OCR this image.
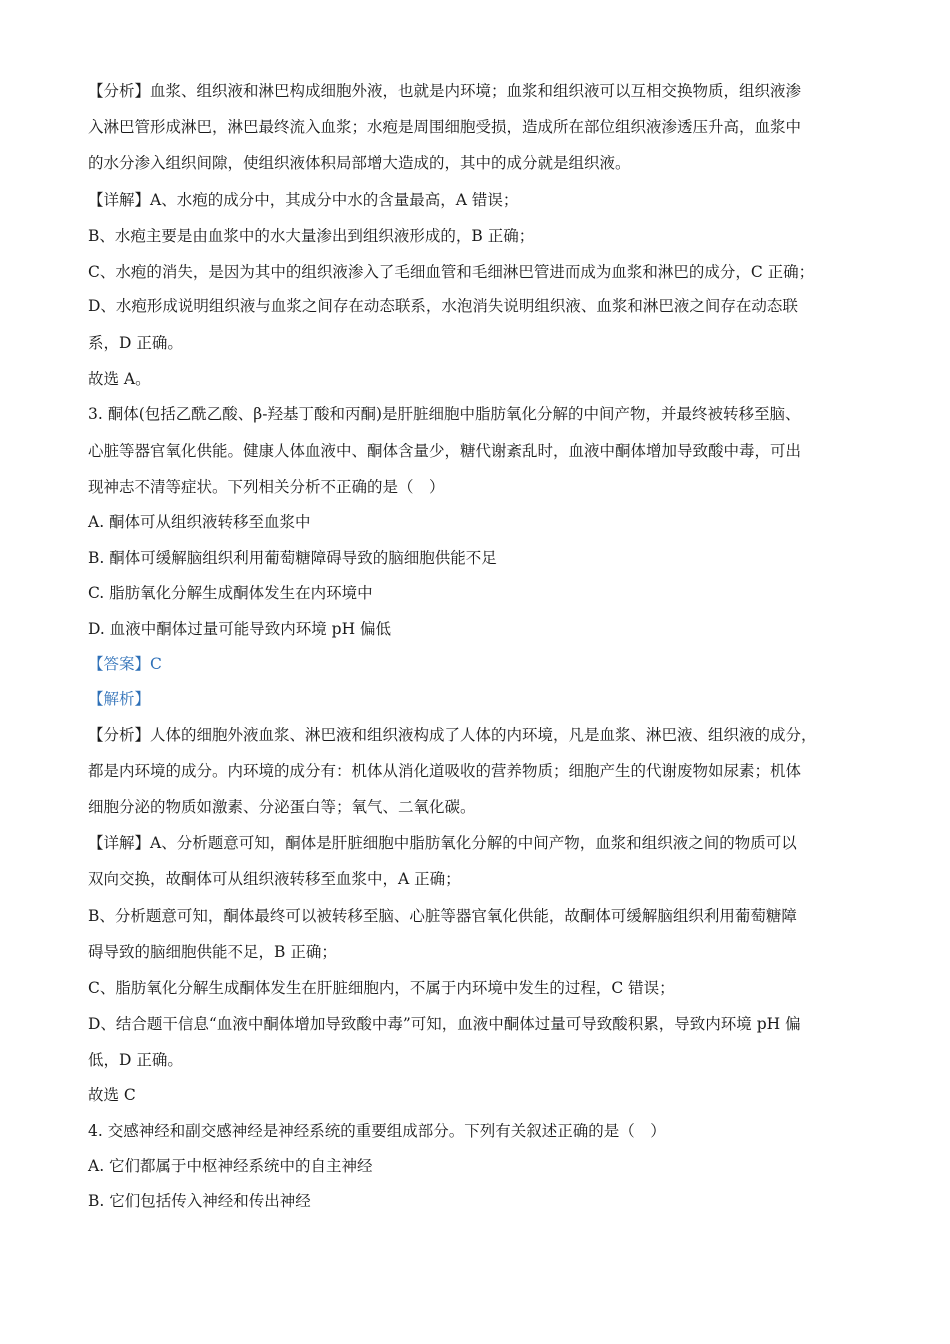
【分析】血浆、组织液和淋巴构成细胞外液，也就是内环境；血浆和组织液可以互相交换物质，组织液渗
入淋巴管形成淋巴，淋巴最终流入血浆；水疱是周围细胞受损，造成所在部位组织液渗透压升高，血浆中
的水分渗入组织间隙，使组织液体积局部增大造成的，其中的成分就是组织液。
【详解】A、水疱的成分中，其成分中水的含量最高，A 错误；
B、水疱主要是由血浆中的水大量渗出到组织液形成的，B 正确；
C、水疱的消失，是因为其中的组织液渗入了毛细血管和毛细淋巴管进而成为血浆和淋巴的成分，C 正确；
D、水疱形成说明组织液与血浆之间存在动态联系，水泡消失说明组织液、血浆和淋巴液之间存在动态联
系，D 正确。
故选 A。
3. 酮体(包括乙酰乙酸、β-羟基丁酸和丙酮)是肝脏细胞中脂肪氧化分解的中间产物，并最终被转移至脑、
心脏等器官氧化供能。健康人体血液中、酮体含量少，糖代谢紊乱时，血液中酮体增加导致酸中毒，可出
现神志不清等症状。下列相关分析不正确的是（　）
A. 酮体可从组织液转移至血浆中
B. 酮体可缓解脑组织利用葡萄糖障碍导致的脑细胞供能不足
C. 脂肪氧化分解生成酮体发生在内环境中
D. 血液中酮体过量可能导致内环境 pH 偏低
【答案】C
【解析】
【分析】人体的细胞外液血浆、淋巴液和组织液构成了人体的内环境，凡是血浆、淋巴液、组织液的成分，
都是内环境的成分。内环境的成分有：机体从消化道吸收的营养物质；细胞产生的代谢废物如尿素；机体
细胞分泌的物质如激素、分泌蛋白等；氧气、二氧化碳。
【详解】A、分析题意可知，酮体是肝脏细胞中脂肪氧化分解的中间产物，血浆和组织液之间的物质可以
双向交换，故酮体可从组织液转移至血浆中，A 正确；
B、分析题意可知，酮体最终可以被转移至脑、心脏等器官氧化供能，故酮体可缓解脑组织利用葡萄糖障
碍导致的脑细胞供能不足，B 正确；
C、脂肪氧化分解生成酮体发生在肝脏细胞内，不属于内环境中发生的过程，C 错误；
D、结合题干信息“血液中酮体增加导致酸中毒”可知，血液中酮体过量可导致酸积累，导致内环境 pH 偏
低，D 正确。
故选 C
4. 交感神经和副交感神经是神经系统的重要组成部分。下列有关叙述正确的是（　）
A. 它们都属于中枢神经系统中的自主神经
B. 它们包括传入神经和传出神经
